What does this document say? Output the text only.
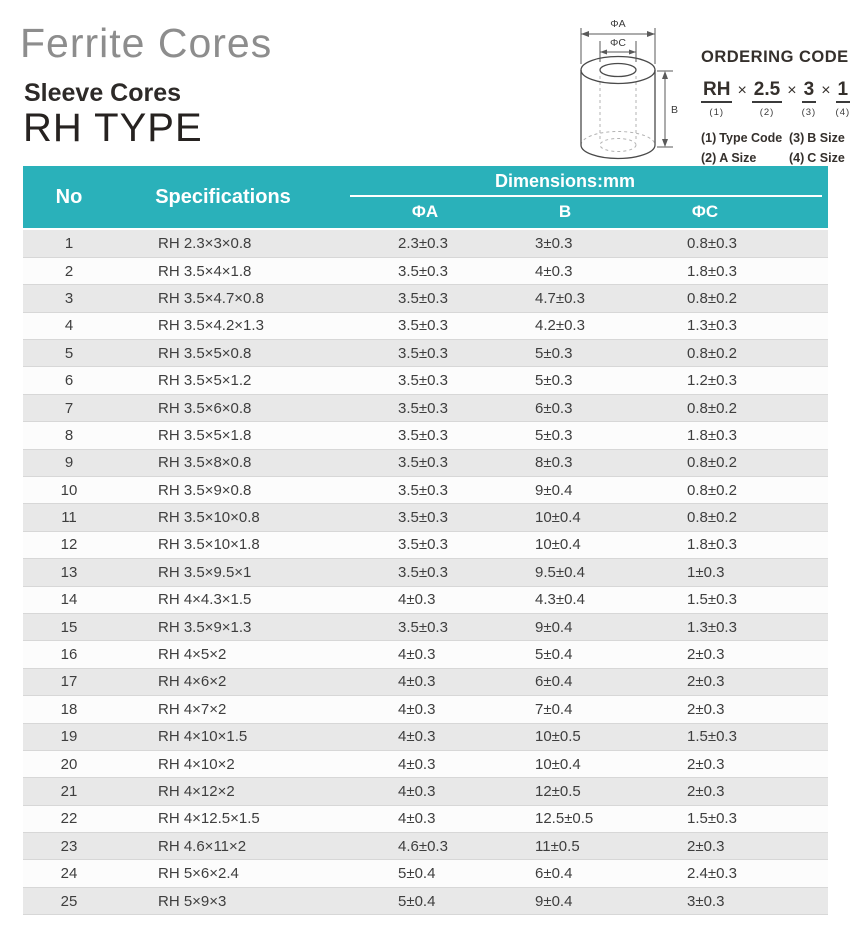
Ferrite Cores
Sleeve Cores
RH TYPE
ΦA
ΦC
B
ORDERING CODE
RH
(1)
× 2.5
(2)
× 3
(3)
× 1
(4)
(1) Type Code (3) B Size
(2) A Size	(4) C Size
No	Specifications
Dimensions:mm
ΦA	B	ΦC
1	RH 2.3×3×0.8	2.3±0.3	3±0.3	0.8±0.3
2	RH 3.5×4×1.8	3.5±0.3	4±0.3	1.8±0.3
3	RH 3.5×4.7×0.8	3.5±0.3	4.7±0.3	0.8±0.2
4	RH 3.5×4.2×1.3	3.5±0.3	4.2±0.3	1.3±0.3
5	RH 3.5×5×0.8	3.5±0.3	5±0.3	0.8±0.2
6	RH 3.5×5×1.2	3.5±0.3	5±0.3	1.2±0.3
7	RH 3.5×6×0.8	3.5±0.3	6±0.3	0.8±0.2
8	RH 3.5×5×1.8	3.5±0.3	5±0.3	1.8±0.3
9	RH 3.5×8×0.8	3.5±0.3	8±0.3	0.8±0.2
10	RH 3.5×9×0.8	3.5±0.3	9±0.4	0.8±0.2
11	RH 3.5×10×0.8	3.5±0.3	10±0.4	0.8±0.2
12	RH 3.5×10×1.8	3.5±0.3	10±0.4	1.8±0.3
13	RH 3.5×9.5×1	3.5±0.3	9.5±0.4	1±0.3
14	RH 4×4.3×1.5	4±0.3	4.3±0.4	1.5±0.3
15	RH 3.5×9×1.3	3.5±0.3	9±0.4	1.3±0.3
16	RH 4×5×2	4±0.3	5±0.4	2±0.3
17	RH 4×6×2	4±0.3	6±0.4	2±0.3
18	RH 4×7×2	4±0.3	7±0.4	2±0.3
19	RH 4×10×1.5	4±0.3	10±0.5	1.5±0.3
20	RH 4×10×2	4±0.3	10±0.4	2±0.3
21	RH 4×12×2	4±0.3	12±0.5	2±0.3
22	RH 4×12.5×1.5	4±0.3	12.5±0.5	1.5±0.3
23	RH 4.6×11×2	4.6±0.3	11±0.5	2±0.3
24	RH 5×6×2.4	5±0.4	6±0.4	2.4±0.3
25	RH 5×9×3	5±0.4	9±0.4	3±0.3
